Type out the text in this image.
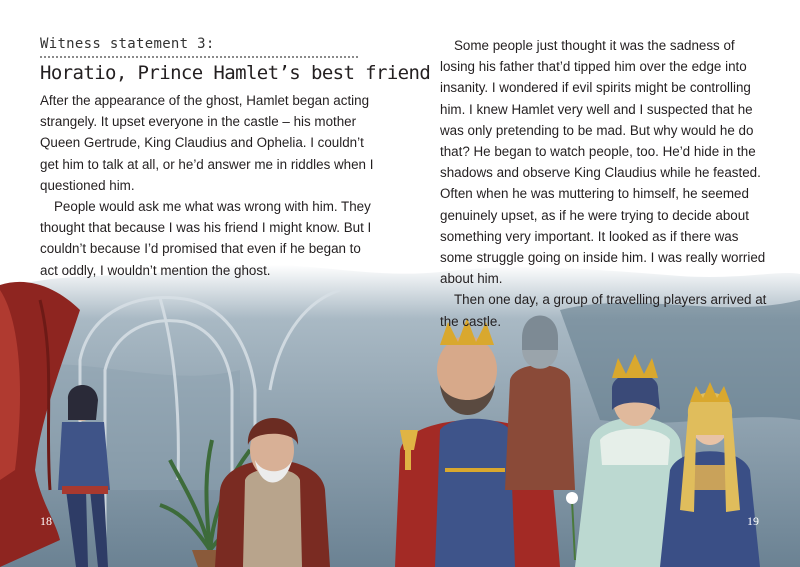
Witness statement 3:

Horatio, Prince Hamlet’s best friend

After the appearance of the ghost, Hamlet began acting strangely. It upset everyone in the castle – his mother Queen Gertrude, King Claudius and Ophelia. I couldn’t get him to talk at all, or he’d answer me in riddles when I questioned him.

People would ask me what was wrong with him. They thought that because I was his friend I might know. But I couldn’t because I’d promised that even if he began to act oddly, I wouldn’t mention the ghost.

Some people just thought it was the sadness of losing his father that’d tipped him over the edge into insanity. I wondered if evil spirits might be controlling him. I knew Hamlet very well and I suspected that he was only pretending to be mad. But why would he do that? He began to watch people, too. He’d hide in the shadows and observe King Claudius while he feasted. Often when he was muttering to himself, he seemed genuinely upset, as if he were trying to decide about something very important. It looked as if there was some struggle going on inside him. I was really worried about him.

Then one day, a group of travelling players arrived at the castle.

18	19
